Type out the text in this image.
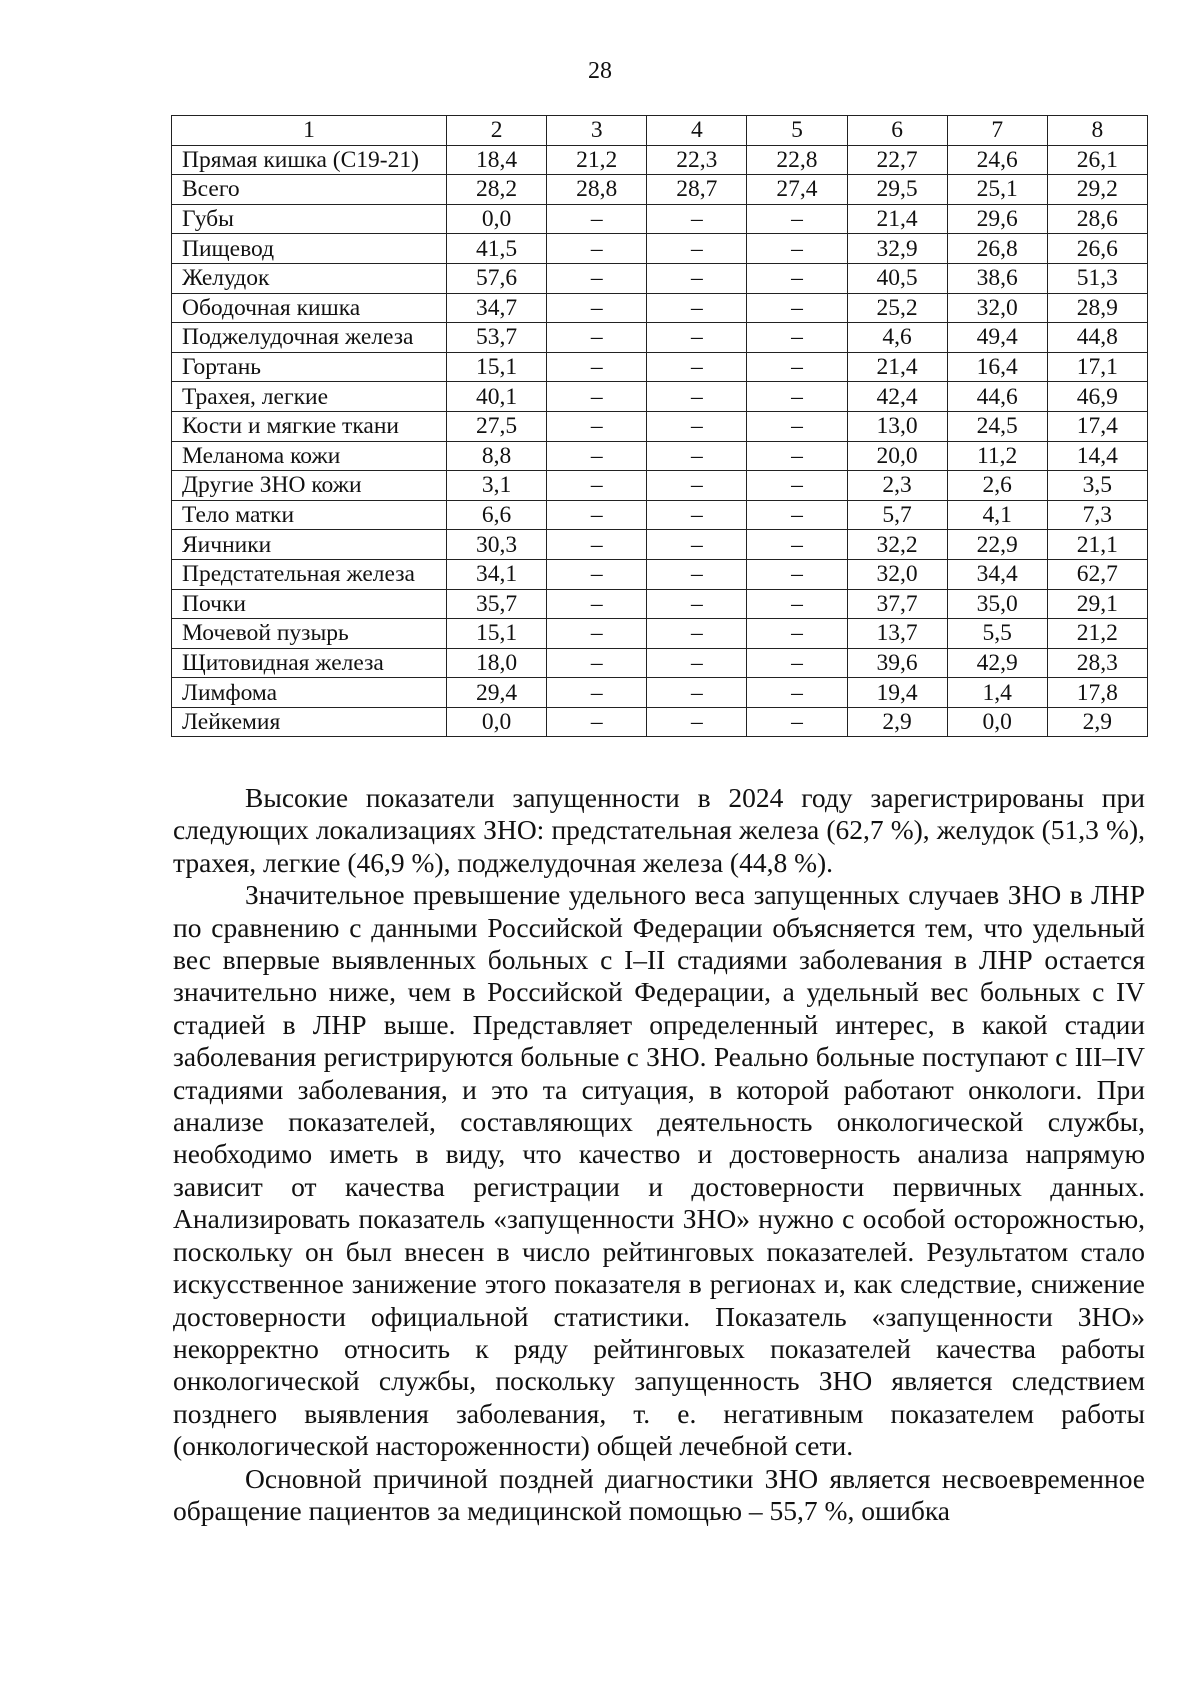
28
1	2	3	4	5	6	7	8
Прямая кишка (С19-21)	18,4	21,2	22,3	22,8	22,7	24,6	26,1
Всего	28,2	28,8	28,7	27,4	29,5	25,1	29,2
Губы	0,0	–	–	–	21,4	29,6	28,6
Пищевод	41,5	–	–	–	32,9	26,8	26,6
Желудок	57,6	–	–	–	40,5	38,6	51,3
Ободочная кишка	34,7	–	–	–	25,2	32,0	28,9
Поджелудочная железа	53,7	–	–	–	4,6	49,4	44,8
Гортань	15,1	–	–	–	21,4	16,4	17,1
Трахея, легкие	40,1	–	–	–	42,4	44,6	46,9
Кости и мягкие ткани	27,5	–	–	–	13,0	24,5	17,4
Меланома кожи	8,8	–	–	–	20,0	11,2	14,4
Другие ЗНО кожи	3,1	–	–	–	2,3	2,6	3,5
Тело матки	6,6	–	–	–	5,7	4,1	7,3
Яичники	30,3	–	–	–	32,2	22,9	21,1
Предстательная железа	34,1	–	–	–	32,0	34,4	62,7
Почки	35,7	–	–	–	37,7	35,0	29,1
Мочевой пузырь	15,1	–	–	–	13,7	5,5	21,2
Щитовидная железа	18,0	–	–	–	39,6	42,9	28,3
Лимфома	29,4	–	–	–	19,4	1,4	17,8
Лейкемия	0,0	–	–	–	2,9	0,0	2,9

Высокие показатели запущенности в 2024 году зарегистрированы при следующих локализациях ЗНО: предстательная железа (62,7 %), желудок (51,3 %), трахея, легкие (46,9 %), поджелудочная железа (44,8 %).

Значительное превышение удельного веса запущенных случаев ЗНО в ЛНР по сравнению с данными Российской Федерации объясняется тем, что удельный вес впервые выявленных больных с I–II стадиями заболевания в ЛНР остается значительно ниже, чем в Российской Федерации, а удельный вес больных с IV стадией в ЛНР выше. Представляет определенный интерес, в какой стадии заболевания регистрируются больные с ЗНО. Реально больные поступают с III–IV стадиями заболевания, и это та ситуация, в которой работают онкологи. При анализе показателей, составляющих деятельность онкологической службы, необходимо иметь в виду, что качество и достоверность анализа напрямую зависит от качества регистрации и достоверности первичных данных. Анализировать показатель «запущенности ЗНО» нужно с особой осторожностью, поскольку он был внесен в число рейтинговых показателей. Результатом стало искусственное занижение этого показателя в регионах и, как следствие, снижение достоверности официальной статистики. Показатель «запущенности ЗНО» некорректно относить к ряду рейтинговых показателей качества работы онкологической службы, поскольку запущенность ЗНО является следствием позднего выявления заболевания, т. е. негативным показателем работы (онкологической настороженности) общей лечебной сети.

Основной причиной поздней диагностики ЗНО является несвоевременное обращение пациентов за медицинской помощью – 55,7 %, ошибка
